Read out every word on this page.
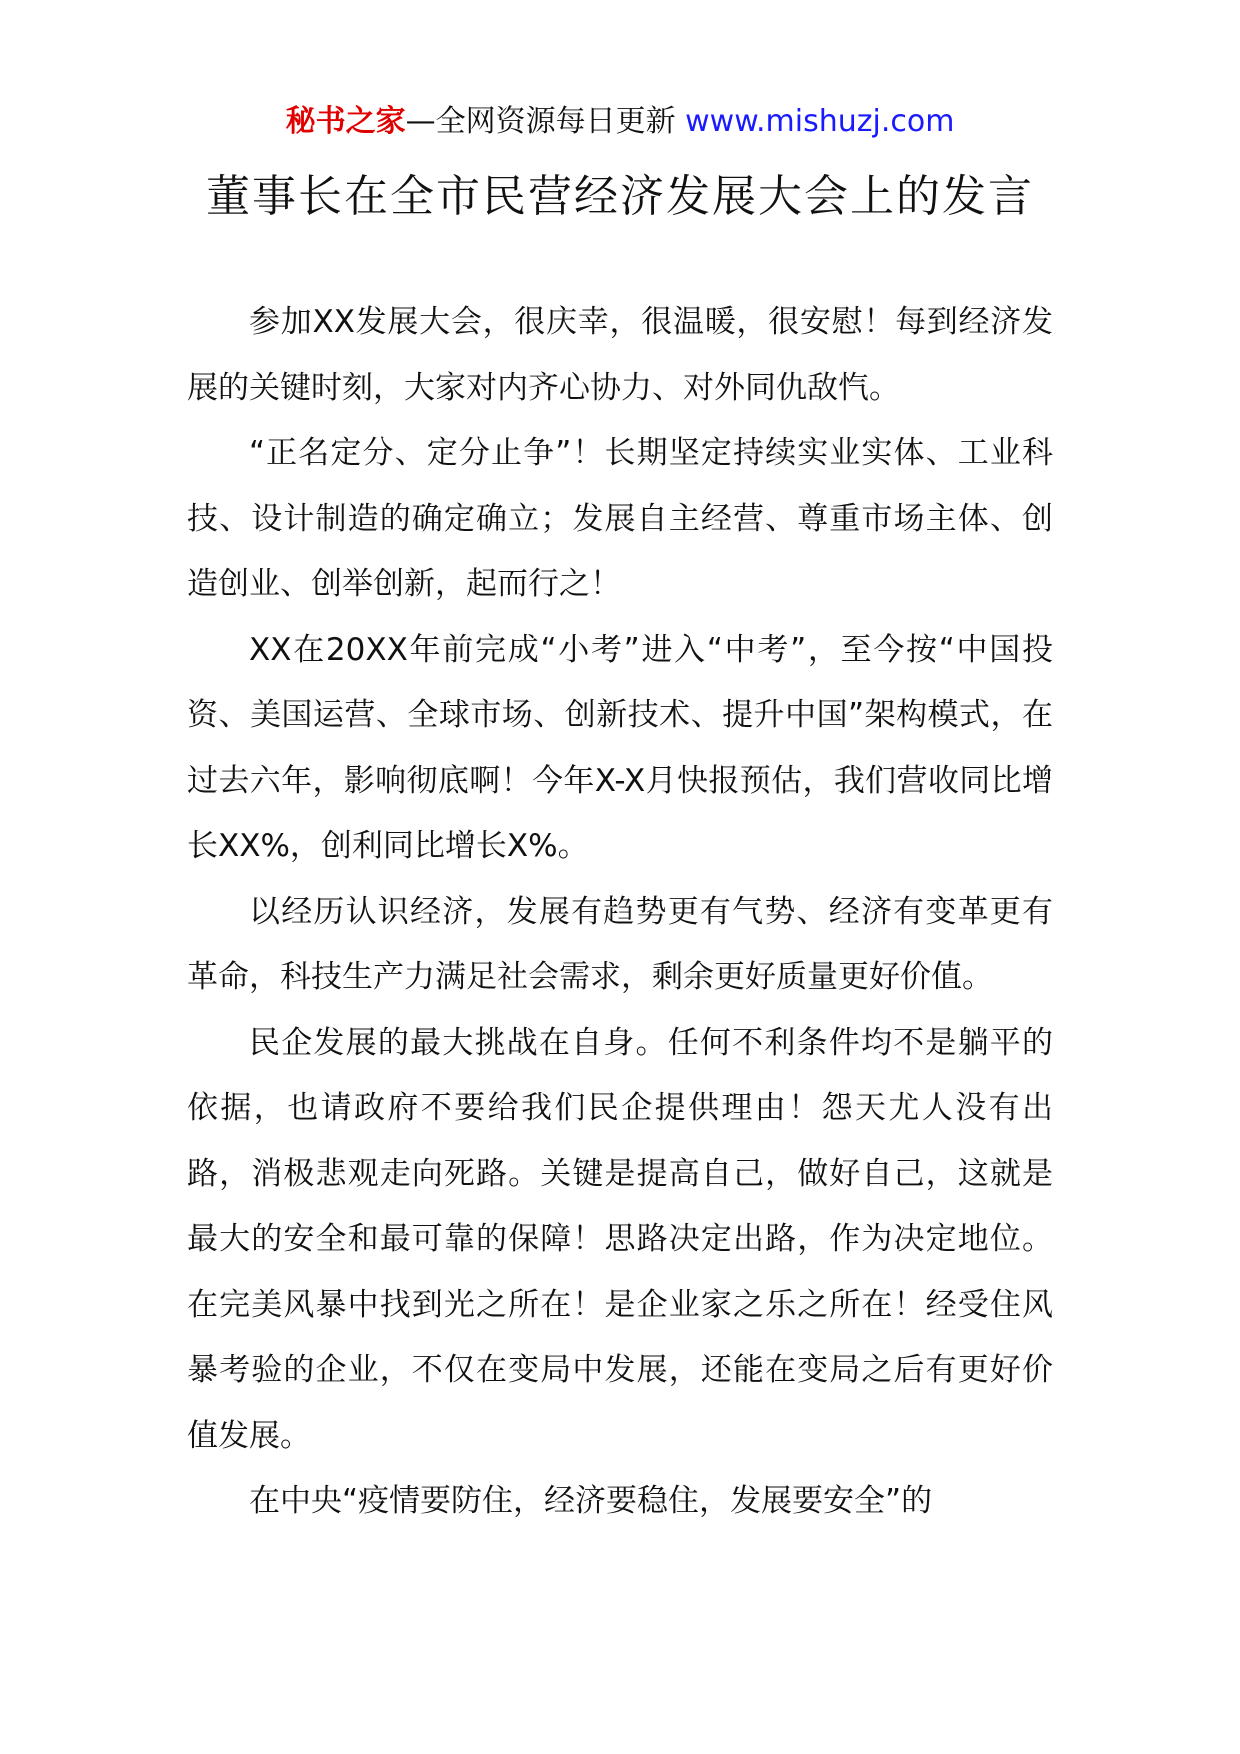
秘书之家—全网资源每日更新 www.mishuzj.com
董事长在全市民营经济发展大会上的发言

参加XX发展大会，很庆幸，很温暖，很安慰！每到经济发展的关键时刻，大家对内齐心协力、对外同仇敌忾。

“正名定分、定分止争”！长期坚定持续实业实体、工业科技、设计制造的确定确立；发展自主经营、尊重市场主体、创造创业、创举创新，起而行之！

XX在20XX年前完成“小考”进入“中考”，至今按“中国投资、美国运营、全球市场、创新技术、提升中国”架构模式，在过去六年，影响彻底啊！今年X-X月快报预估，我们营收同比增长XX%，创利同比增长X%。

以经历认识经济，发展有趋势更有气势、经济有变革更有革命，科技生产力满足社会需求，剩余更好质量更好价值。

民企发展的最大挑战在自身。任何不利条件均不是躺平的依据，也请政府不要给我们民企提供理由！怨天尤人没有出路，消极悲观走向死路。关键是提高自己，做好自己，这就是最大的安全和最可靠的保障！思路决定出路，作为决定地位。在完美风暴中找到光之所在！是企业家之乐之所在！经受住风暴考验的企业，不仅在变局中发展，还能在变局之后有更好价值发展。

在中央“疫情要防住，经济要稳住，发展要安全”的
